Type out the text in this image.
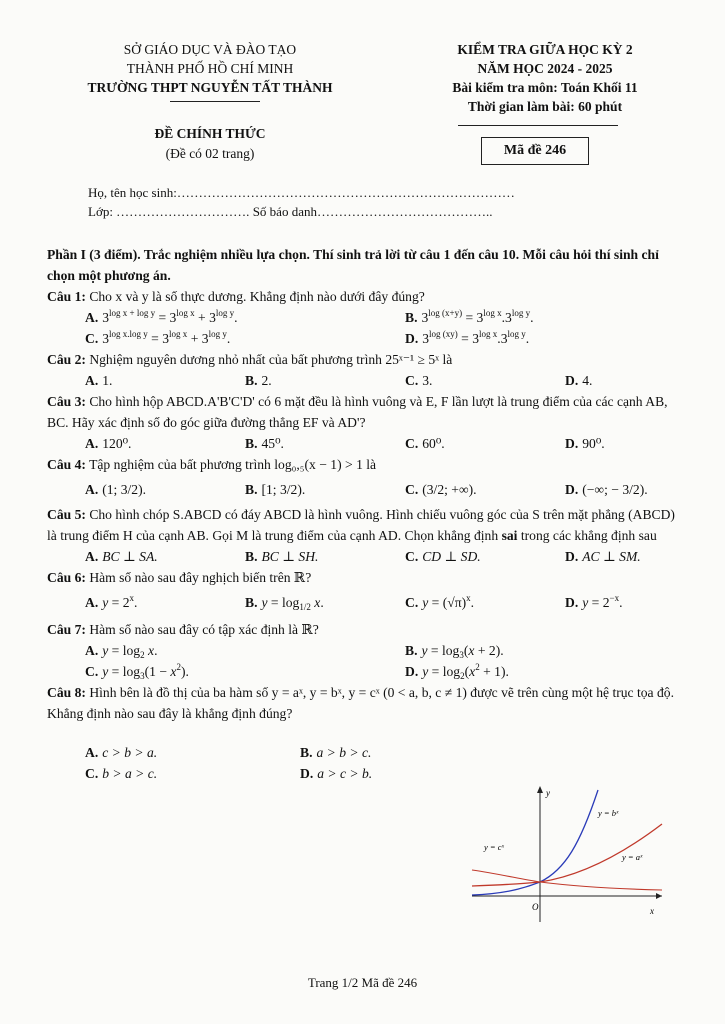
SỞ GIÁO DỤC VÀ ĐÀO TẠO
THÀNH PHỐ HỒ CHÍ MINH
TRƯỜNG THPT NGUYỄN TẤT THÀNH
KIỂM TRA GIỮA HỌC KỲ 2
NĂM HỌC 2024 - 2025
Bài kiểm tra môn: Toán Khối 11
Thời gian làm bài: 60 phút
ĐỀ CHÍNH THỨC
(Đề có 02 trang)	Mã đề 246
Họ, tên học sinh:……………………………………………………………………
Lớp: …………………………. Số báo danh…………………………………..

Phần I (3 điểm). Trắc nghiệm nhiều lựa chọn. Thí sinh trả lời từ câu 1 đến câu 10. Mỗi câu hỏi thí sinh chỉ chọn một phương án.

Câu 1: Cho x và y là số thực dương. Khẳng định nào dưới đây đúng?

A. $3^{log x + log y} = 3^{log x} + 3^{log y}$.	B. $3^{log (x+y)} = 3^{log x}.3^{log y}$.
C. $3^{log x.log y} = 3^{log x} + 3^{log y}$.	D. $3^{log (xy)} = 3^{log x}.3^{log y}$.

Câu 2: Nghiệm nguyên dương nhỏ nhất của bất phương trình 25ˣ⁻¹ ≥ 5ˣ là

A. 1.	B. 2.	C. 3.	D. 4.

Câu 3: Cho hình hộp ABCD.A'B'C'D' có 6 mặt đều là hình vuông và E, F lần lượt là trung điểm của các cạnh AB, BC. Hãy xác định số đo góc giữa đường thẳng EF và AD'?

A. 120⁰.	B. 45⁰.	C. 60⁰.	D. 90⁰.

Câu 4: Tập nghiệm của bất phương trình log₀,₅(x − 1) > 1 là

A. (1; 3/2).	B. [1; 3/2).	C. (3/2; +∞).	D. (−∞; − 3/2).

Câu 5: Cho hình chóp S.ABCD có đáy ABCD là hình vuông. Hình chiếu vuông góc của S trên mặt phẳng (ABCD) là trung điểm H của cạnh AB. Gọi M là trung điểm của cạnh AD. Chọn khẳng định sai trong các khẳng định sau

A. BC ⊥ SA.	B. BC ⊥ SH.	C. CD ⊥ SD.	D. AC ⊥ SM.

Câu 6: Hàm số nào sau đây nghịch biến trên ℝ?

A. $y = 2^x$.	B. $y = \log_{1/2} x$.	C. $y = (√\pi)^x$.	D. $y = 2^{-x}$.

Câu 7: Hàm số nào sau đây có tập xác định là ℝ?

A. $y = \log_2 x$.	B. $y = \log_3(x + 2)$.
C. $y = \log_3(1 - x^2)$.	D. $y = \log_2(x^2 + 1)$.

Câu 8: Hình bên là đồ thị của ba hàm số y = aˣ, y = bˣ, y = cˣ (0 < a, b, c ≠ 1) được vẽ trên cùng một hệ trục tọa độ. Khẳng định nào sau đây là khẳng định đúng?

A. c > b > a.	B. a > b > c.
C. b > a > c.	D. a > c > b.
y
x
O
y = bˣ
y = cˣ
y = aˣ
Trang 1/2 Mã đề 246
